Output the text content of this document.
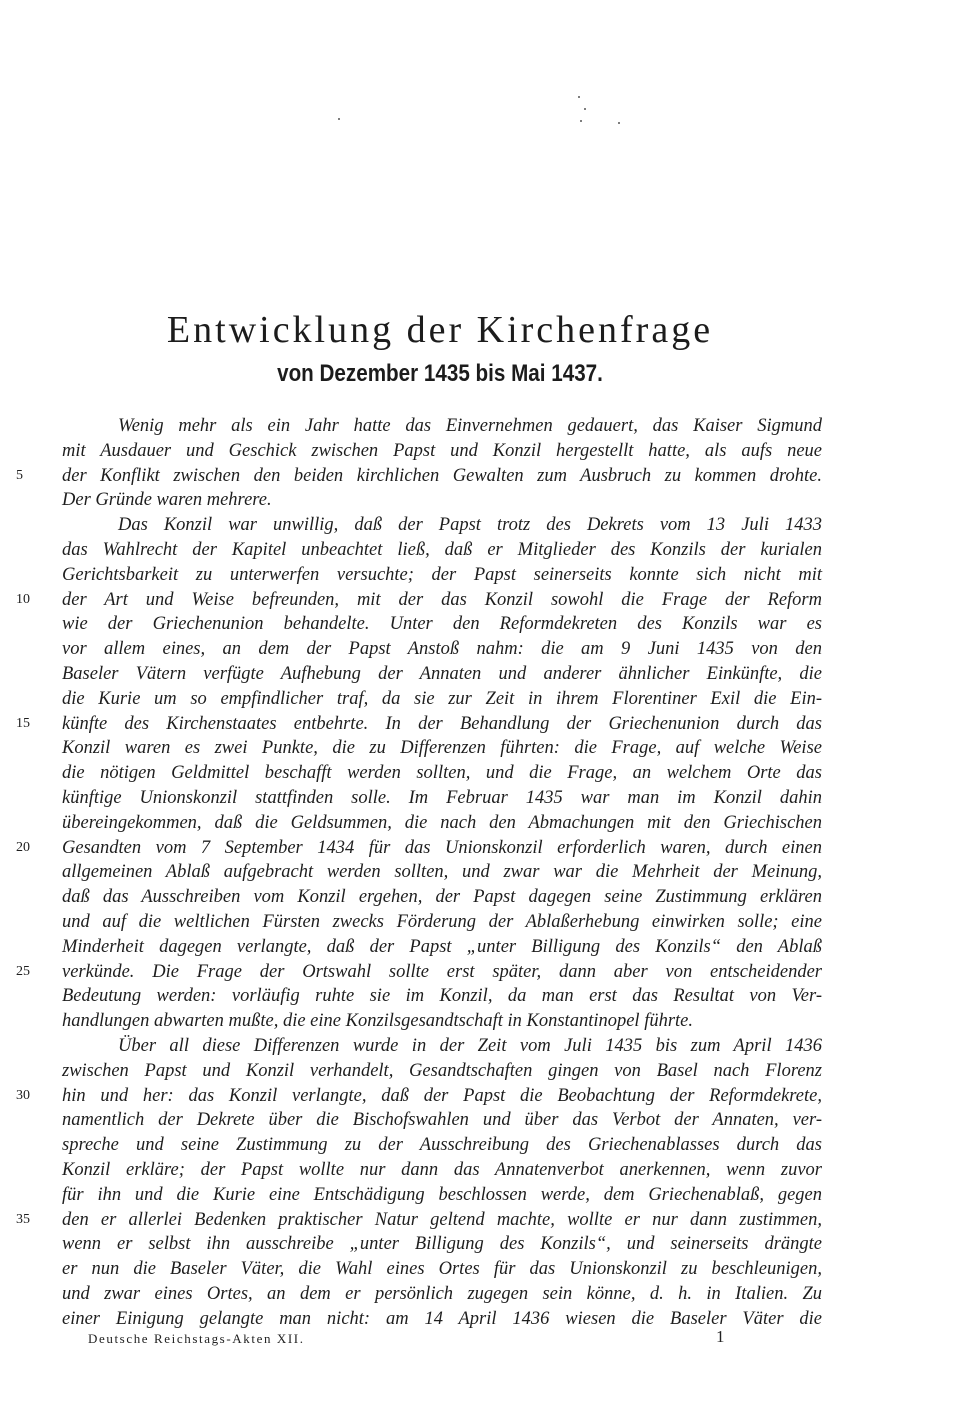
Entwicklung der Kirchenfrage
von Dezember 1435 bis Mai 1437.
Wenig mehr als ein Jahr hatte das Einvernehmen gedauert, das Kaiser Sigmund
mit Ausdauer und Geschick zwischen Papst und Konzil hergestellt hatte, als aufs neue
5	der Konflikt zwischen den beiden kirchlichen Gewalten zum Ausbruch zu kommen drohte.
Der Gründe waren mehrere.
Das Konzil war unwillig, daß der Papst trotz des Dekrets vom 13 Juli 1433
das Wahlrecht der Kapitel unbeachtet ließ, daß er Mitglieder des Konzils der kurialen
Gerichtsbarkeit zu unterwerfen versuchte; der Papst seinerseits konnte sich nicht mit
10	der Art und Weise befreunden, mit der das Konzil sowohl die Frage der Reform
wie der Griechenunion behandelte. Unter den Reformdekreten des Konzils war es
vor allem eines, an dem der Papst Anstoß nahm: die am 9 Juni 1435 von den
Baseler Vätern verfügte Aufhebung der Annaten und anderer ähnlicher Einkünfte, die
die Kurie um so empfindlicher traf, da sie zur Zeit in ihrem Florentiner Exil die Ein-
15	künfte des Kirchenstaates entbehrte. In der Behandlung der Griechenunion durch das
Konzil waren es zwei Punkte, die zu Differenzen führten: die Frage, auf welche Weise
die nötigen Geldmittel beschafft werden sollten, und die Frage, an welchem Orte das
künftige Unionskonzil stattfinden solle. Im Februar 1435 war man im Konzil dahin
übereingekommen, daß die Geldsummen, die nach den Abmachungen mit den Griechischen
20	Gesandten vom 7 September 1434 für das Unionskonzil erforderlich waren, durch einen
allgemeinen Ablaß aufgebracht werden sollten, und zwar war die Mehrheit der Meinung,
daß das Ausschreiben vom Konzil ergehen, der Papst dagegen seine Zustimmung erklären
und auf die weltlichen Fürsten zwecks Förderung der Ablaßerhebung einwirken solle; eine
Minderheit dagegen verlangte, daß der Papst „unter Billigung des Konzils“ den Ablaß
25	verkünde. Die Frage der Ortswahl sollte erst später, dann aber von entscheidender
Bedeutung werden: vorläufig ruhte sie im Konzil, da man erst das Resultat von Ver-
handlungen abwarten mußte, die eine Konzilsgesandtschaft in Konstantinopel führte.
Über all diese Differenzen wurde in der Zeit vom Juli 1435 bis zum April 1436
zwischen Papst und Konzil verhandelt, Gesandtschaften gingen von Basel nach Florenz
30	hin und her: das Konzil verlangte, daß der Papst die Beobachtung der Reformdekrete,
namentlich der Dekrete über die Bischofswahlen und über das Verbot der Annaten, ver-
spreche und seine Zustimmung zu der Ausschreibung des Griechenablasses durch das
Konzil erkläre; der Papst wollte nur dann das Annatenverbot anerkennen, wenn zuvor
für ihn und die Kurie eine Entschädigung beschlossen werde, dem Griechenablaß, gegen
35	den er allerlei Bedenken praktischer Natur geltend machte, wollte er nur dann zustimmen,
wenn er selbst ihn ausschreibe „unter Billigung des Konzils“, und seinerseits drängte
er nun die Baseler Väter, die Wahl eines Ortes für das Unionskonzil zu beschleunigen,
und zwar eines Ortes, an dem er persönlich zugegen sein könne, d. h. in Italien. Zu
einer Einigung gelangte man nicht: am 14 April 1436 wiesen die Baseler Väter die
Deutsche Reichstags-Akten XII.	1
